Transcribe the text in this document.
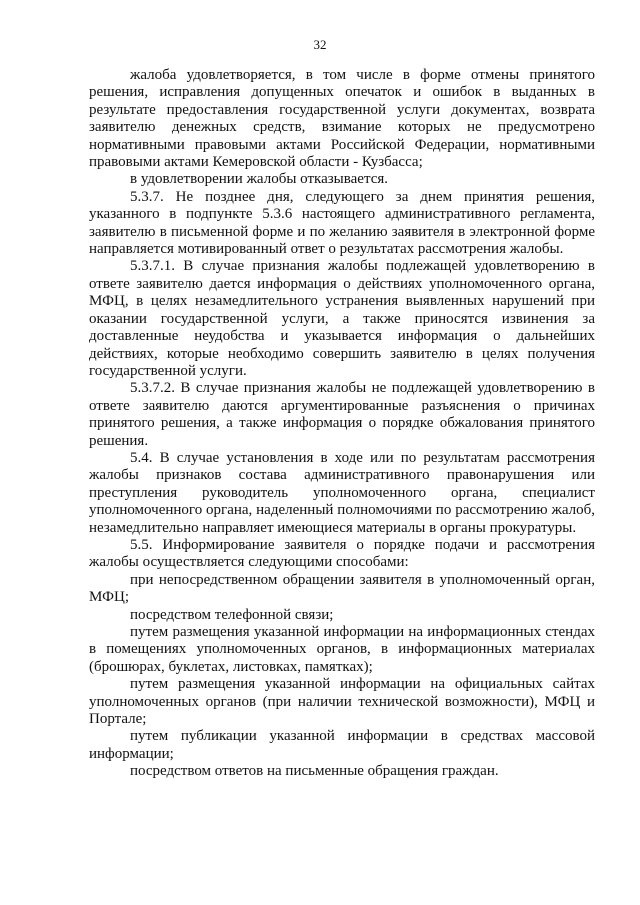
32

жалоба удовлетворяется, в том числе в форме отмены принятого решения, исправления допущенных опечаток и ошибок в выданных в результате предоставления государственной услуги документах, возврата заявителю денежных средств, взимание которых не предусмотрено нормативными правовыми актами Российской Федерации, нормативными правовыми актами Кемеровской области - Кузбасса;

в удовлетворении жалобы отказывается.

5.3.7. Не позднее дня, следующего за днем принятия решения, указанного в подпункте 5.3.6 настоящего административного регламента, заявителю в письменной форме и по желанию заявителя в электронной форме направляется мотивированный ответ о результатах рассмотрения жалобы.

5.3.7.1. В случае признания жалобы подлежащей удовлетворению в ответе заявителю дается информация о действиях уполномоченного органа, МФЦ, в целях незамедлительного устранения выявленных нарушений при оказании государственной услуги, а также приносятся извинения за доставленные неудобства и указывается информация о дальнейших действиях, которые необходимо совершить заявителю в целях получения государственной услуги.

5.3.7.2. В случае признания жалобы не подлежащей удовлетворению в ответе заявителю даются аргументированные разъяснения о причинах принятого решения, а также информация о порядке обжалования принятого решения.

5.4. В случае установления в ходе или по результатам рассмотрения жалобы признаков состава административного правонарушения или преступления руководитель уполномоченного органа, специалист уполномоченного органа, наделенный полномочиями по рассмотрению жалоб, незамедлительно направляет имеющиеся материалы в органы прокуратуры.

5.5. Информирование заявителя о порядке подачи и рассмотрения жалобы осуществляется следующими способами:

при непосредственном обращении заявителя в уполномоченный орган, МФЦ;

посредством телефонной связи;

путем размещения указанной информации на информационных стендах в помещениях уполномоченных органов, в информационных материалах (брошюрах, буклетах, листовках, памятках);

путем размещения указанной информации на официальных сайтах уполномоченных органов (при наличии технической возможности), МФЦ и Портале;

путем публикации указанной информации в средствах массовой информации;

посредством ответов на письменные обращения граждан.
